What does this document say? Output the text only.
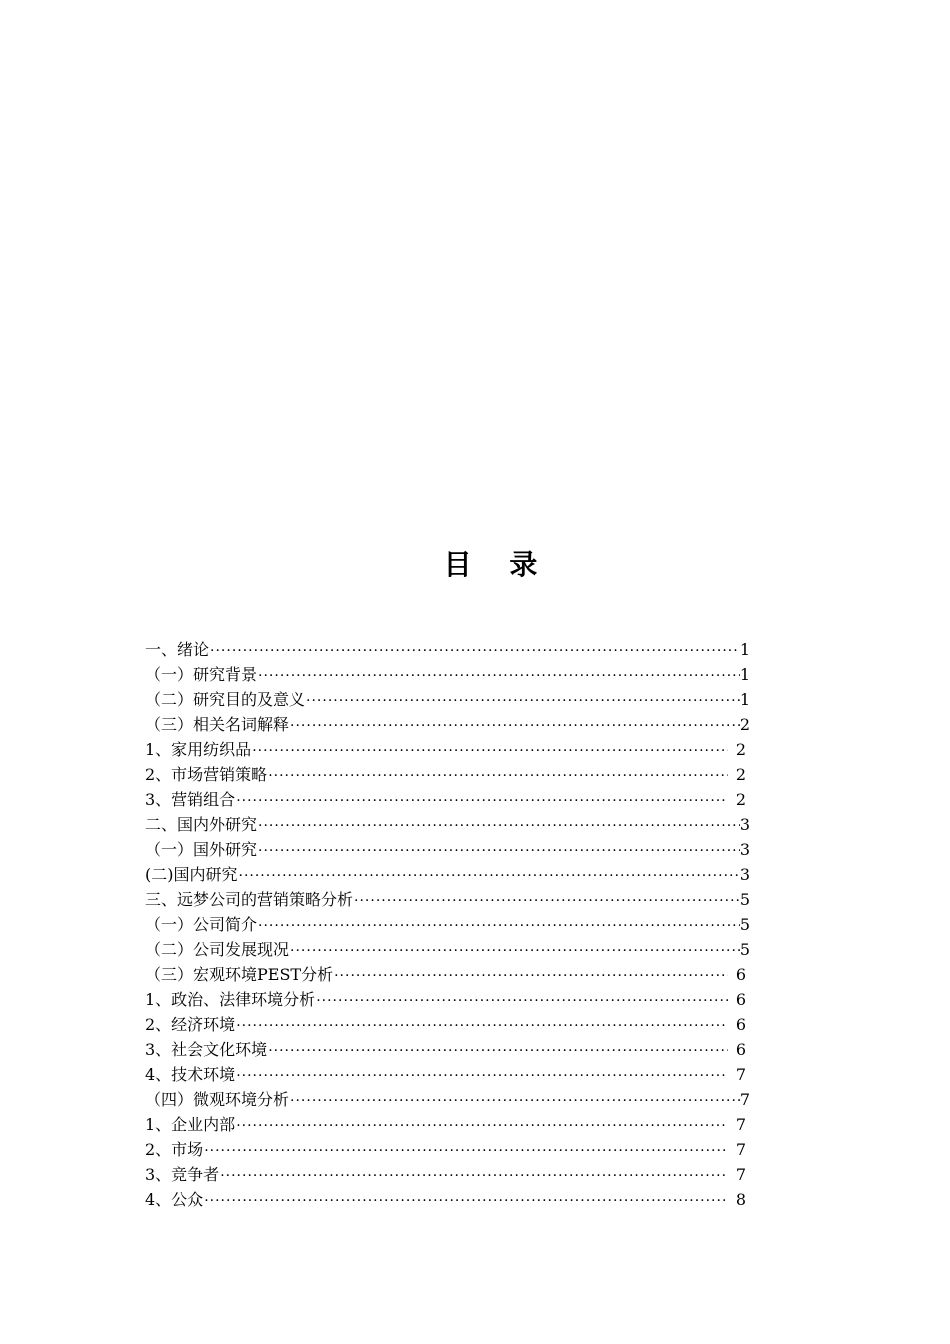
目 录
一、绪论 ·····	1
（一）研究背景 ·····	1
（二）研究目的及意义 ·····	1
（三）相关名词解释 ·····	2
1、家用纺织品 ·····	2
2、市场营销策略 ·····	2
3、营销组合 ·····	2
二、国内外研究 ·····	3
（一）国外研究 ·····	3
(二)国内研究 ·····	3
三、远梦公司的营销策略分析 ·····	5
（一）公司简介 ·····	5
（二）公司发展现况 ·····	5
（三）宏观环境PEST分析 ·····	6
1、政治、法律环境分析 ·····	6
2、经济环境 ·····	6
3、社会文化环境 ·····	6
4、技术环境 ·····	7
（四）微观环境分析 ·····	7
1、企业内部 ·····	7
2、市场 ·····	7
3、竞争者 ·····	7
4、公众 ·····	8
